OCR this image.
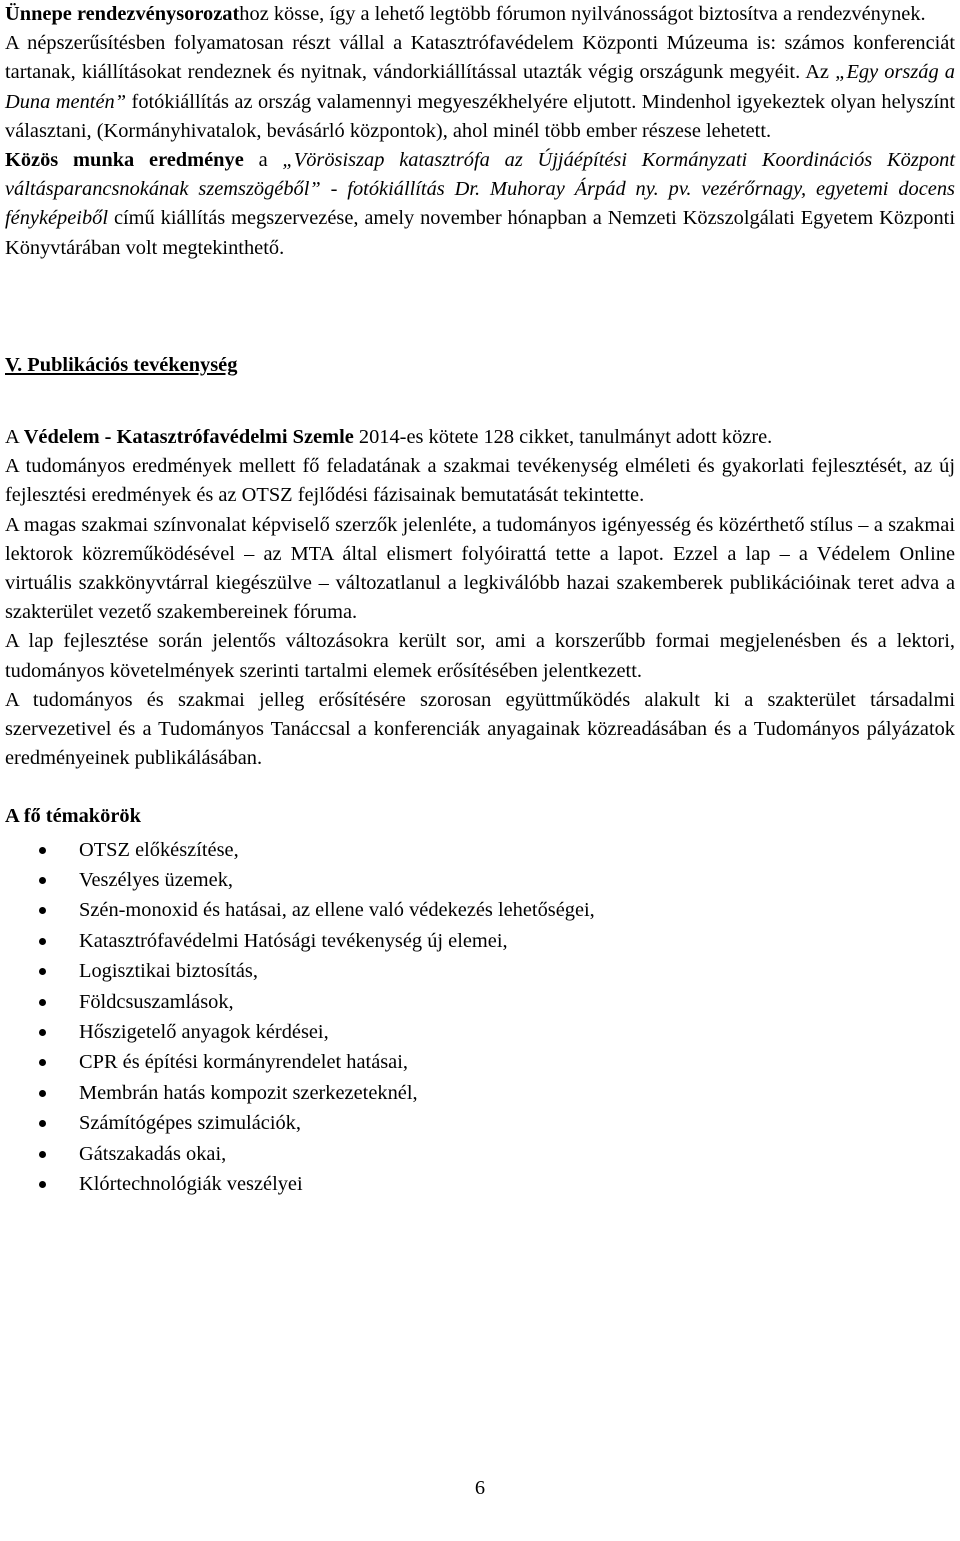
Ünnepe rendezvénysorozathoz kösse, így a lehető legtöbb fórumon nyilvánosságot biztosítva a rendezvénynek.

A népszerűsítésben folyamatosan részt vállal a Katasztrófavédelem Központi Múzeuma is: számos konferenciát tartanak, kiállításokat rendeznek és nyitnak, vándorkiállítással utazták végig országunk megyéit. Az „Egy ország a Duna mentén” fotókiállítás az ország valamennyi megyeszékhelyére eljutott. Mindenhol igyekeztek olyan helyszínt választani, (Kormányhivatalok, bevásárló központok), ahol minél több ember részese lehetett.

Közös munka eredménye a „Vörösiszap katasztrófa az Újjáépítési Kormányzati Koordinációs Központ váltásparancsnokának szemszögéből” - fotókiállítás Dr. Muhoray Árpád ny. pv. vezérőrnagy, egyetemi docens fényképeiből című kiállítás megszervezése, amely november hónapban a Nemzeti Közszolgálati Egyetem Központi Könyvtárában volt megtekinthető.

V. Publikációs tevékenység

A Védelem - Katasztrófavédelmi Szemle 2014-es kötete 128 cikket, tanulmányt adott közre.

A tudományos eredmények mellett fő feladatának a szakmai tevékenység elméleti és gyakorlati fejlesztését, az új fejlesztési eredmények és az OTSZ fejlődési fázisainak bemutatását tekintette.

A magas szakmai színvonalat képviselő szerzők jelenléte, a tudományos igényesség és közérthető stílus – a szakmai lektorok közreműködésével – az MTA által elismert folyóirattá tette a lapot. Ezzel a lap – a Védelem Online virtuális szakkönyvtárral kiegészülve – változatlanul a legkiválóbb hazai szakemberek publikációinak teret adva a szakterület vezető szakembereinek fóruma.

A lap fejlesztése során jelentős változásokra került sor, ami a korszerűbb formai megjelenésben és a lektori, tudományos követelmények szerinti tartalmi elemek erősítésében jelentkezett.

A tudományos és szakmai jelleg erősítésére szorosan együttműködés alakult ki a szakterület társadalmi szervezetivel és a Tudományos Tanáccsal a konferenciák anyagainak közreadásában és a Tudományos pályázatok eredményeinek publikálásában.

A fő témakörök

OTSZ előkészítése,
Veszélyes üzemek,
Szén-monoxid és hatásai, az ellene való védekezés lehetőségei,
Katasztrófavédelmi Hatósági tevékenység új elemei,
Logisztikai biztosítás,
Földcsuszamlások,
Hőszigetelő anyagok kérdései,
CPR és építési kormányrendelet hatásai,
Membrán hatás kompozit szerkezeteknél,
Számítógépes szimulációk,
Gátszakadás okai,
Klórtechnológiák veszélyei
6
